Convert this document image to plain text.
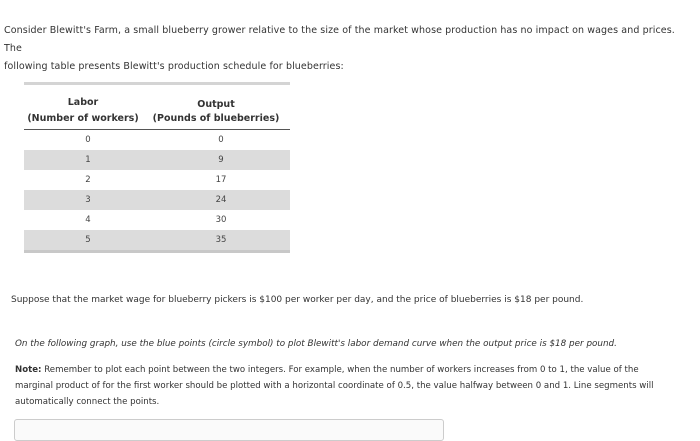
Consider Blewitt's Farm, a small blueberry grower relative to the size of the market whose production has no impact on wages and prices. The
following table presents Blewitt's production schedule for blueberries:
Labor	Output
(Number of workers)	(Pounds of blueberries)
0	0
1	9
2	17
3	24
4	30
5	35
Suppose that the market wage for blueberry pickers is $100 per worker per day, and the price of blueberries is $18 per pound.
On the following graph, use the blue points (circle symbol) to plot Blewitt's labor demand curve when the output price is $18 per pound.
Note: Remember to plot each point between the two integers. For example, when the number of workers increases from 0 to 1, the value of the
marginal product of for the first worker should be plotted with a horizontal coordinate of 0.5, the value halfway between 0 and 1. Line segments will
automatically connect the points.
